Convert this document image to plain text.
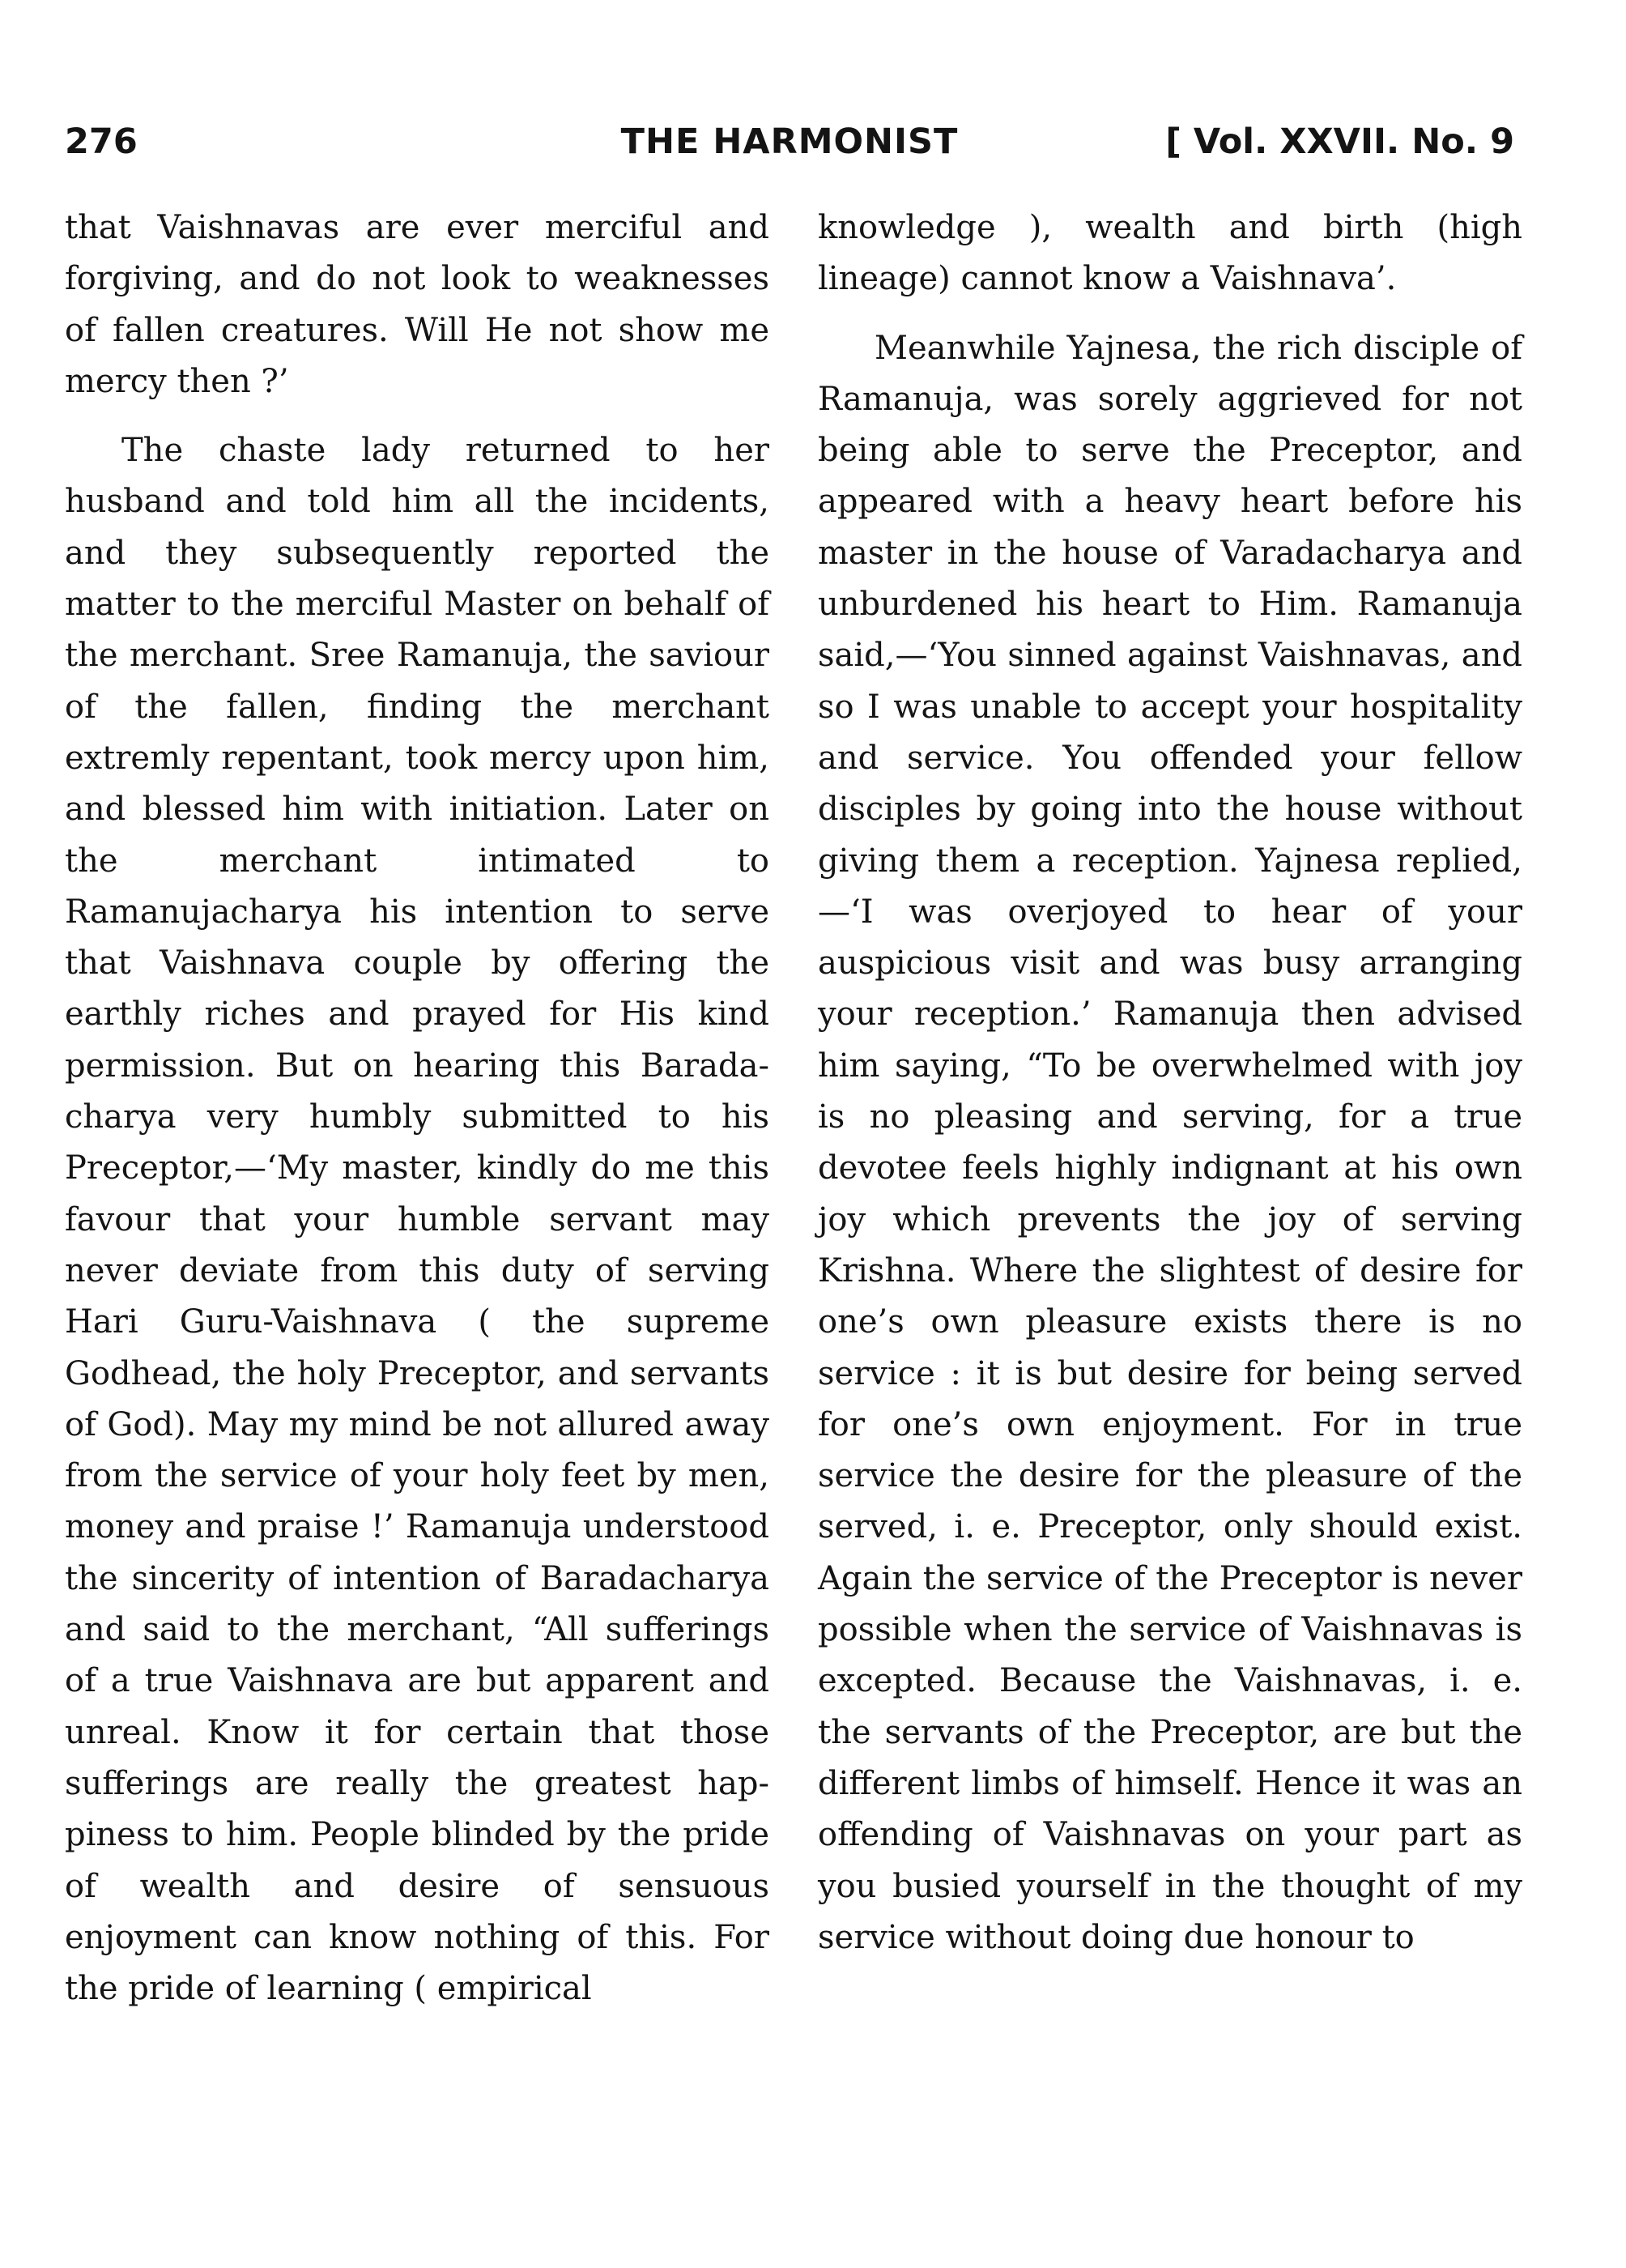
276	THE HARMONIST	[ Vol. XXVII. No. 9

that Vaishnavas are ever merciful and forgiving, and do not look to weaknesses of fallen creatures. Will He not show me mercy then ?’

The chaste lady returned to her husband and told him all the incidents, and they subsequently reported the matter to the merciful Master on behalf of the merchant. Sree Ramanuja, the saviour of the fallen, finding the merchant extremly repentant, took mercy upon him, and blessed him with initiation. Later on the merchant intimated to Ramanujacharya his intention to serve that Vaishnava couple by offering the earthly riches and prayed for His kind permission. But on hearing this Baradacharya very humbly submitted to his Preceptor,—‘My master, kindly do me this favour that your humble servant may never deviate from this duty of serving Hari Guru-Vaishnava ( the supreme Godhead, the holy Preceptor, and servants of God). May my mind be not allured away from the service of your holy feet by men, money and praise !’ Ramanuja understood the sincerity of intention of Baradacharya and said to the merchant, “All sufferings of a true Vaishnava are but apparent and unreal. Know it for certain that those sufferings are really the greatest happiness to him. People blinded by the pride of wealth and desire of sensuous enjoyment can know nothing of this. For the pride of learning ( empirical

knowledge ), wealth and birth (high lineage) cannot know a Vaishnava’.

Meanwhile Yajnesa, the rich disciple of Ramanuja, was sorely aggrieved for not being able to serve the Preceptor, and appeared with a heavy heart before his master in the house of Varadacharya and unburdened his heart to Him. Ramanuja said,—‘You sinned against Vaishnavas, and so I was unable to accept your hospitality and service. You offended your fellow disciples by going into the house without giving them a reception. Yajnesa replied,—‘I was overjoyed to hear of your auspicious visit and was busy arranging your reception.’ Ramanuja then advised him saying, “To be overwhelmed with joy is no pleasing and serving, for a true devotee feels highly indignant at his own joy which prevents the joy of serving Krishna. Where the slightest of desire for one’s own pleasure exists there is no service : it is but desire for being served for one’s own enjoyment. For in true service the desire for the pleasure of the served, i. e. Preceptor, only should exist. Again the service of the Preceptor is never possible when the service of Vaishnavas is excepted. Because the Vaishnavas, i. e. the servants of the Preceptor, are but the different limbs of himself. Hence it was an offending of Vaishnavas on your part as you busied yourself in the thought of my service without doing due honour to
